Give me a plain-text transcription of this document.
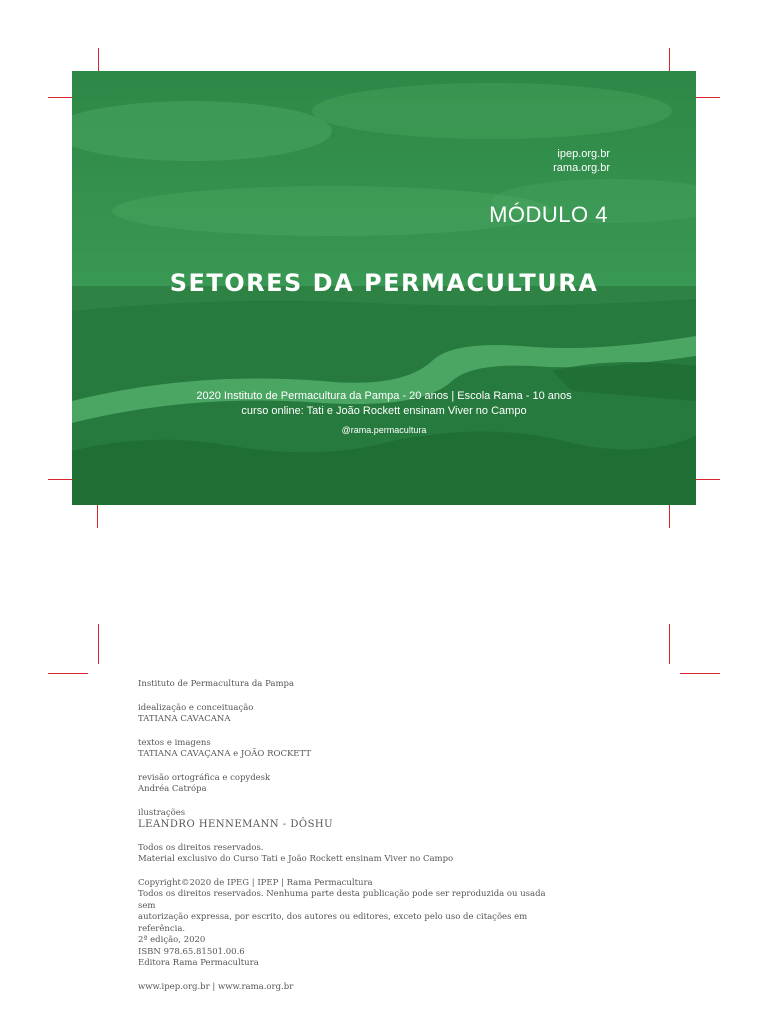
ipep.org.br
rama.org.br
MÓDULO 4
SETORES DA PERMACULTURA
2020 Instituto de Permacultura da Pampa - 20 anos | Escola Rama - 10 anos
curso online: Tati e João Rockett ensinam Viver no Campo
@rama.permacultura
Instituto de Permacultura da Pampa
idealização e conceituação
TATIANA CAVACANA
textos e imagens
TATIANA CAVAÇANA e JOÃO ROCKETT
revisão ortográfica e copydesk
Andréa Catrópa
ilustrações
LEANDRO HENNEMANN - DÔSHU
Todos os direitos reservados.
Material exclusivo do Curso Tati e João Rockett ensinam Viver no Campo
Copyright©2020 de IPEG | IPEP | Rama Permacultura
Todos os direitos reservados. Nenhuma parte desta publicação pode ser reproduzida ou usada sem
autorização expressa, por escrito, dos autores ou editores, exceto pelo uso de citações em
referência.
2ª edição, 2020
ISBN 978.65.81501.00.6
Editora Rama Permacultura
www.ipep.org.br | www.rama.org.br
